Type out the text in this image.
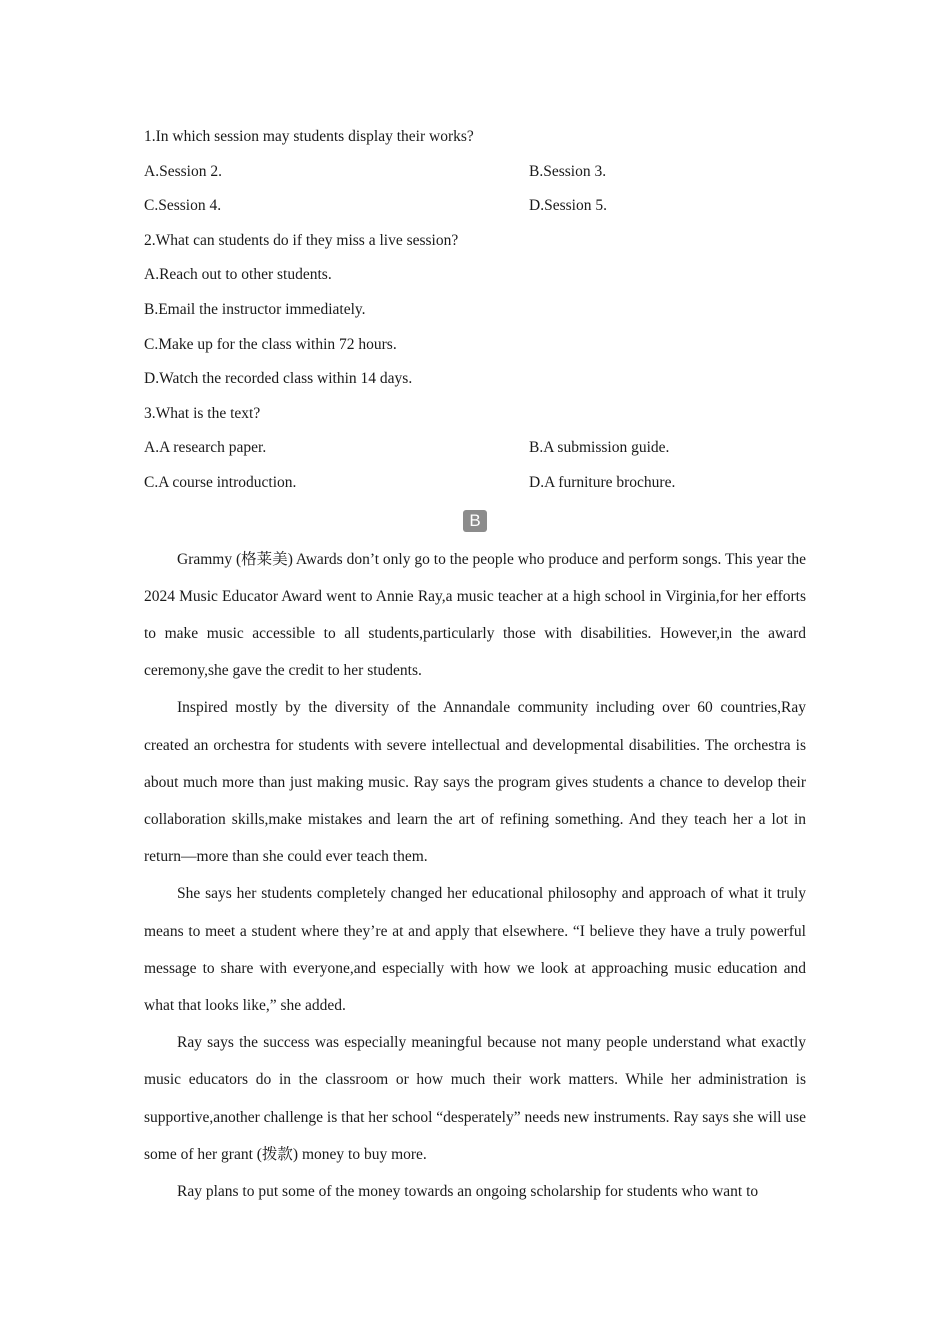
1.In which session may students display their works?
A.Session 2.	B.Session 3.
C.Session 4.	D.Session 5.
2.What can students do if they miss a live session?
A.Reach out to other students.
B.Email the instructor immediately.
C.Make up for the class within 72 hours.
D.Watch the recorded class within 14 days.
3.What is the text?
A.A research paper.	B.A submission guide.
C.A course introduction.	D.A furniture brochure.
B

Grammy (格莱美) Awards don’t only go to the people who produce and perform songs. This year the 2024 Music Educator Award went to Annie Ray,a music teacher at a high school in Virginia,for her efforts to make music accessible to all students,particularly those with disabilities. However,in the award ceremony,she gave the credit to her students.

Inspired mostly by the diversity of the Annandale community including over 60 countries,Ray created an orchestra for students with severe intellectual and developmental disabilities. The orchestra is about much more than just making music. Ray says the program gives students a chance to develop their collaboration skills,make mistakes and learn the art of refining something. And they teach her a lot in return—more than she could ever teach them.

She says her students completely changed her educational philosophy and approach of what it truly means to meet a student where they’re at and apply that elsewhere. “I believe they have a truly powerful message to share with everyone,and especially with how we look at approaching music education and what that looks like,” she added.

Ray says the success was especially meaningful because not many people understand what exactly music educators do in the classroom or how much their work matters. While her administration is supportive,another challenge is that her school “desperately” needs new instruments. Ray says she will use some of her grant (拨款) money to buy more.

Ray plans to put some of the money towards an ongoing scholarship for students who want to
